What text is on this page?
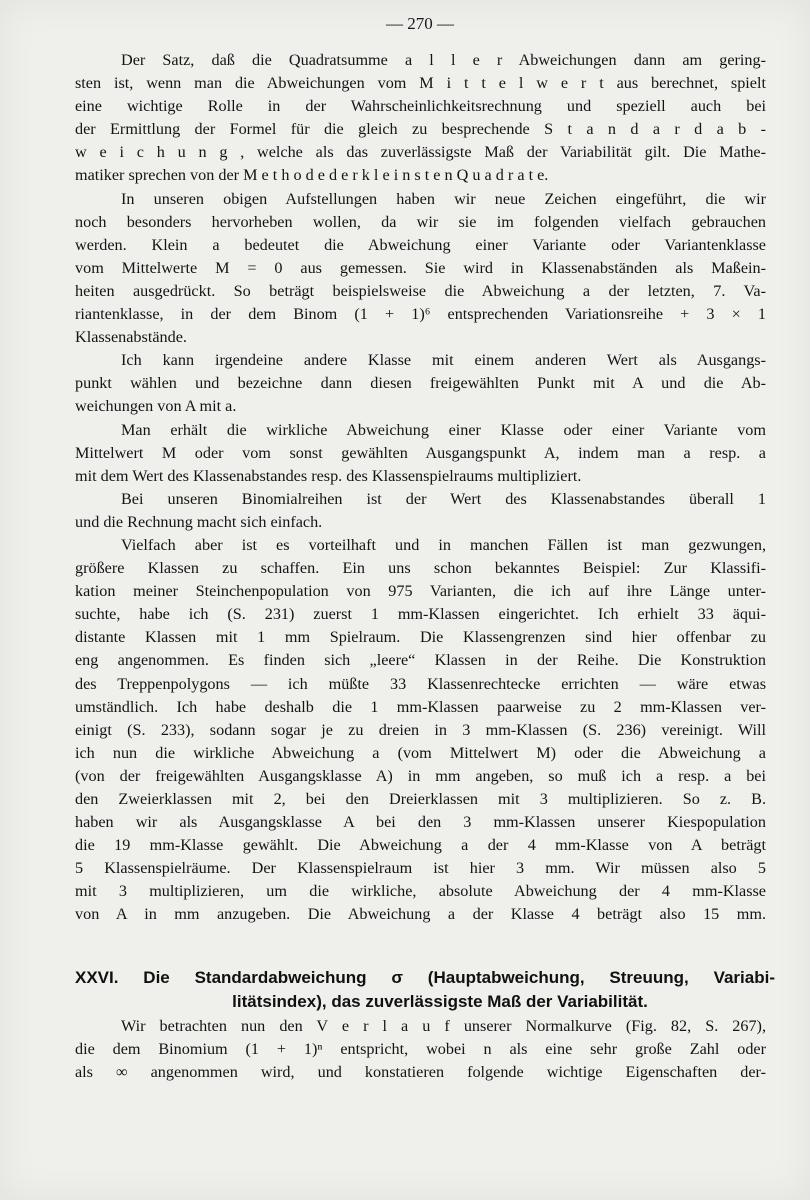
— 270 —
Der Satz, daß die Quadratsumme a l l e r Abweichungen dann am gering-
sten ist, wenn man die Abweichungen vom M i t t e l w e r t aus berechnet, spielt
eine wichtige Rolle in der Wahrscheinlichkeitsrechnung und speziell auch bei
der Ermittlung der Formel für die gleich zu besprechende S t a n d a r d a b -
w e i c h u n g , welche als das zuverlässigste Maß der Variabilität gilt. Die Mathe-
matiker sprechen von der M e t h o d e d e r k l e i n s t e n Q u a d r a t e.
In unseren obigen Aufstellungen haben wir neue Zeichen eingeführt, die wir
noch besonders hervorheben wollen, da wir sie im folgenden vielfach gebrauchen
werden. Klein a bedeutet die Abweichung einer Variante oder Variantenklasse
vom Mittelwerte M = 0 aus gemessen. Sie wird in Klassenabständen als Maßein-
heiten ausgedrückt. So beträgt beispielsweise die Abweichung a der letzten, 7. Va-
riantenklasse, in der dem Binom (1 + 1)⁶ entsprechenden Variationsreihe + 3 × 1
Klassenabstände.
Ich kann irgendeine andere Klasse mit einem anderen Wert als Ausgangs-
punkt wählen und bezeichne dann diesen freigewählten Punkt mit A und die Ab-
weichungen von A mit a.
Man erhält die wirkliche Abweichung einer Klasse oder einer Variante vom
Mittelwert M oder vom sonst gewählten Ausgangspunkt A, indem man a resp. a
mit dem Wert des Klassenabstandes resp. des Klassenspielraums multipliziert.
Bei unseren Binomialreihen ist der Wert des Klassenabstandes überall 1
und die Rechnung macht sich einfach.
Vielfach aber ist es vorteilhaft und in manchen Fällen ist man gezwungen,
größere Klassen zu schaffen. Ein uns schon bekanntes Beispiel: Zur Klassifi-
kation meiner Steinchenpopulation von 975 Varianten, die ich auf ihre Länge unter-
suchte, habe ich (S. 231) zuerst 1 mm-Klassen eingerichtet. Ich erhielt 33 äqui-
distante Klassen mit 1 mm Spielraum. Die Klassengrenzen sind hier offenbar zu
eng angenommen. Es finden sich „leere“ Klassen in der Reihe. Die Konstruktion
des Treppenpolygons — ich müßte 33 Klassenrechtecke errichten — wäre etwas
umständlich. Ich habe deshalb die 1 mm-Klassen paarweise zu 2 mm-Klassen ver-
einigt (S. 233), sodann sogar je zu dreien in 3 mm-Klassen (S. 236) vereinigt. Will
ich nun die wirkliche Abweichung a (vom Mittelwert M) oder die Abweichung a
(von der freigewählten Ausgangsklasse A) in mm angeben, so muß ich a resp. a bei
den Zweierklassen mit 2, bei den Dreierklassen mit 3 multiplizieren. So z. B.
haben wir als Ausgangsklasse A bei den 3 mm-Klassen unserer Kiespopulation
die 19 mm-Klasse gewählt. Die Abweichung a der 4 mm-Klasse von A beträgt
5 Klassenspielräume. Der Klassenspielraum ist hier 3 mm. Wir müssen also 5
mit 3 multiplizieren, um die wirkliche, absolute Abweichung der 4 mm-Klasse
von A in mm anzugeben. Die Abweichung a der Klasse 4 beträgt also 15 mm.
XXVI. Die Standardabweichung σ (Hauptabweichung, Streuung, Variabi-
litätsindex), das zuverlässigste Maß der Variabilität.
Wir betrachten nun den V e r l a u f unserer Normalkurve (Fig. 82, S. 267),
die dem Binomium (1 + 1)ⁿ entspricht, wobei n als eine sehr große Zahl oder
als ∞ angenommen wird, und konstatieren folgende wichtige Eigenschaften der-
